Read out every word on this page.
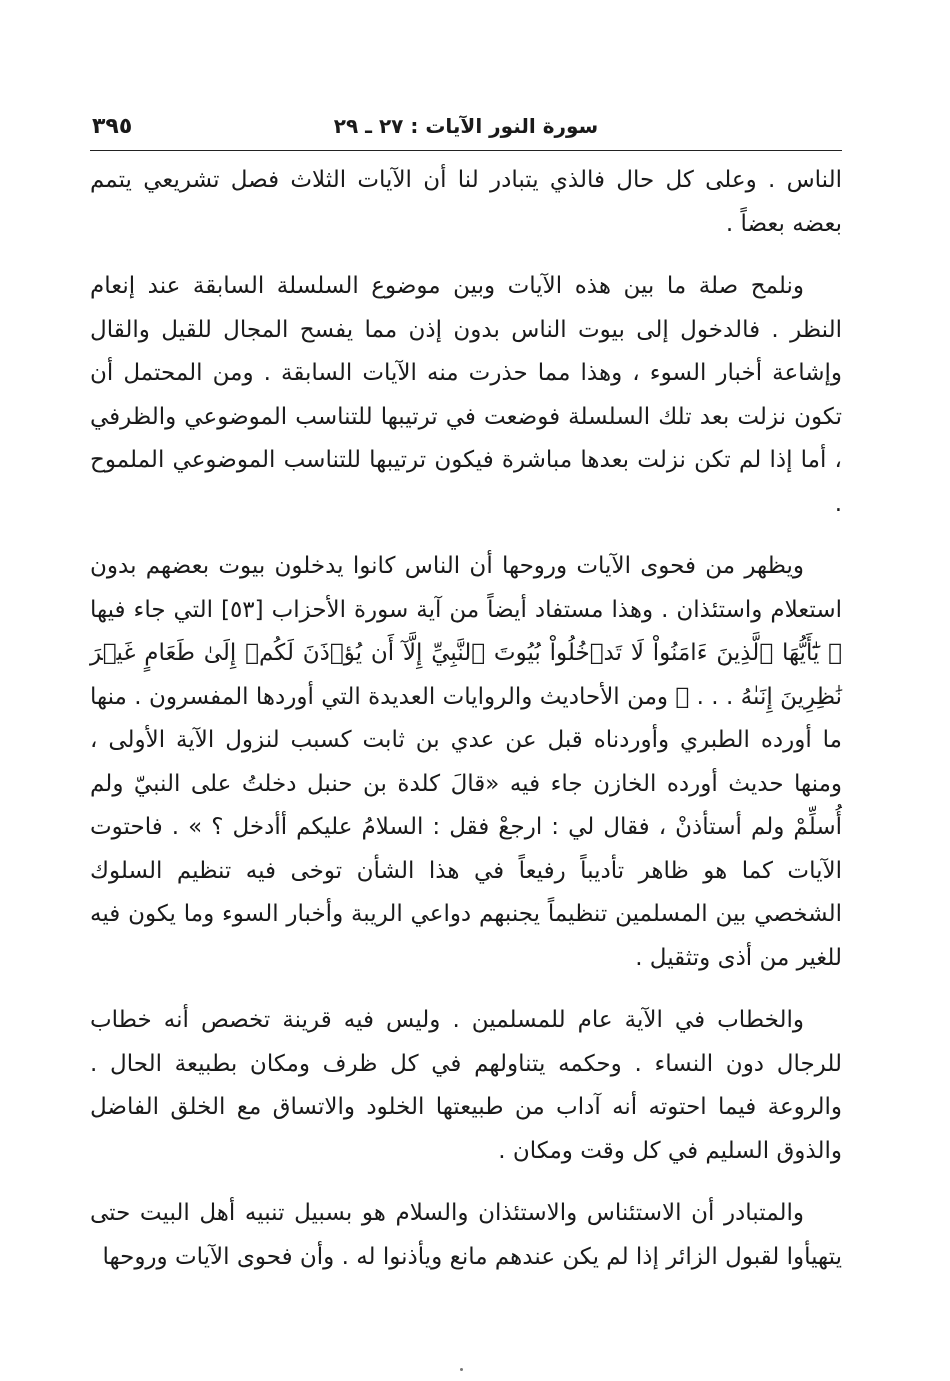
٣٩٥	سورة النور الآيات : ٢٧ ـ ٢٩

الناس . وعلى كل حال فالذي يتبادر لنا أن الآيات الثلاث فصل تشريعي يتمم بعضه بعضاً .

ونلمح صلة ما بين هذه الآيات وبين موضوع السلسلة السابقة عند إنعام النظر . فالدخول إلى بيوت الناس بدون إذن مما يفسح المجال للقيل والقال وإشاعة أخبار السوء ، وهذا مما حذرت منه الآيات السابقة . ومن المحتمل أن تكون نزلت بعد تلك السلسلة فوضعت في ترتيبها للتناسب الموضوعي والظرفي ، أما إذا لم تكن نزلت بعدها مباشرة فيكون ترتيبها للتناسب الموضوعي الملموح .

ويظهر من فحوى الآيات وروحها أن الناس كانوا يدخلون بيوت بعضهم بدون استعلام واستئذان . وهذا مستفاد أيضاً من آية سورة الأحزاب [٥٣] التي جاء فيها ﴿ يَٰٓأَيُّهَا ٱلَّذِينَ ءَامَنُواْ لَا تَدۡخُلُواْ بُيُوتَ ٱلنَّبِيِّ إِلَّآ أَن يُؤۡذَنَ لَكُمۡ إِلَىٰ طَعَامٍ غَيۡرَ نَٰظِرِينَ إِنَىٰهُ . . . ﴾ ومن الأحاديث والروايات العديدة التي أوردها المفسرون . منها ما أورده الطبري وأوردناه قبل عن عدي بن ثابت كسبب لنزول الآية الأولى ، ومنها حديث أورده الخازن جاء فيه «قالَ كلدة بن حنبل دخلتُ على النبيّ ولم أُسلِّمْ ولم أستأذنْ ، فقال لي : ارجعْ فقل : السلامُ عليكم أأدخل ؟ » . فاحتوت الآيات كما هو ظاهر تأديباً رفيعاً في هذا الشأن توخى فيه تنظيم السلوك الشخصي بين المسلمين تنظيماً يجنبهم دواعي الريبة وأخبار السوء وما يكون فيه للغير من أذى وتثقيل .

والخطاب في الآية عام للمسلمين . وليس فيه قرينة تخصص أنه خطاب للرجال دون النساء . وحكمه يتناولهم في كل ظرف ومكان بطبيعة الحال . والروعة فيما احتوته أنه آداب من طبيعتها الخلود والاتساق مع الخلق الفاضل والذوق السليم في كل وقت ومكان .

والمتبادر أن الاستئناس والاستئذان والسلام هو بسبيل تنبيه أهل البيت حتى يتهيأوا لقبول الزائر إذا لم يكن عندهم مانع ويأذنوا له . وأن فحوى الآيات وروحها
